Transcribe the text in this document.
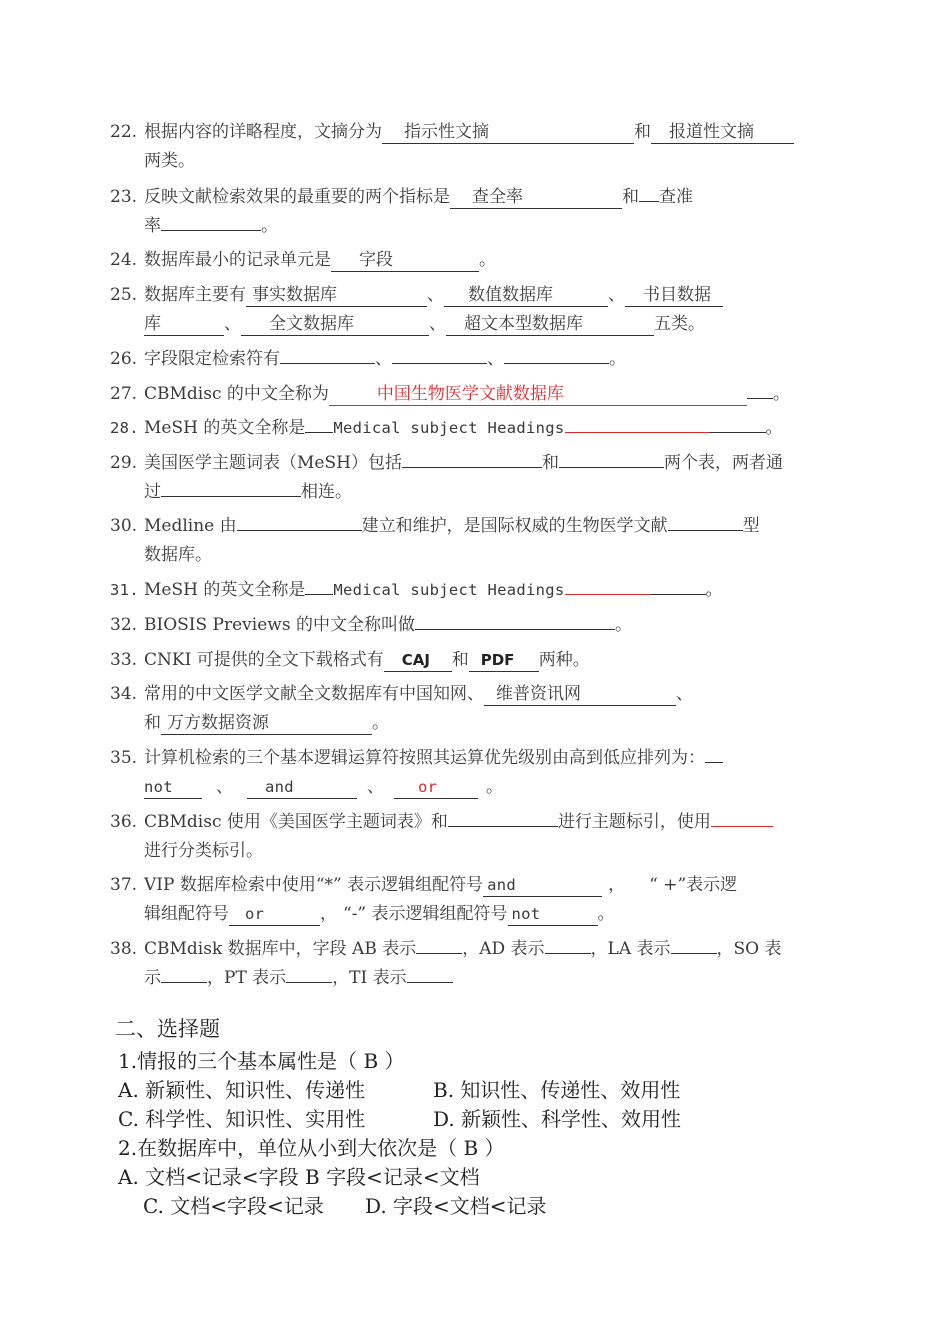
22. 根据内容的详略程度，文摘分为 指示性文摘	和 报道性文摘
两类。
23. 反映文献检索效果的最重要的两个指标是 查全率	和 查准
率	。
24. 数据库最小的记录单元是 字段	。
25. 数据库主要有 事实数据库	、 数值数据库	、 书目数据
库	、 全文数据库	、 超文本型数据库	五类。
26. 字段限定检索符有	、	、	。
27. CBMdisc 的中文全称为	中国生物医学文献数据库	。
28. MeSH 的英文全称是 Medical subject Headings	。
29. 美国医学主题词表（MeSH）包括	和	两个表，两者通
过	相连。
30. Medline 由	建立和维护，是国际权威的生物医学文献	型
数据库。
31. MeSH 的英文全称是 Medical subject Headings	。
32. BIOSIS Previews 的中文全称叫做	。
33. CNKI 可提供的全文下载格式有 CAJ 和 PDF 两种。
34. 常用的中文医学文献全文数据库有中国知网、 维普资讯网	、
和 万方数据资源	。
35. 计算机检索的三个基本逻辑运算符按照其运算优先级别由高到低应排列为：
not	、 and	、 or	。
36. CBMdisc 使用《美国医学主题词表》和	进行主题标引，使用
进行分类标引。
37. VIP 数据库检索中使用“*” 表示逻辑组配符号 and	， “ +”表示逻
辑组配符号 or	， “-” 表示逻辑组配符号 not	。
38. CBMdisk 数据库中，字段 AB 表示	，AD 表示	，LA 表示	，SO 表
示	，PT 表示	，TI 表示
二、选择题
1.情报的三个基本属性是（ B ）
A. 新颖性、知识性、传递性	B. 知识性、传递性、效用性
C. 科学性、知识性、实用性	D. 新颖性、科学性、效用性
2.在数据库中，单位从小到大依次是（ B ）
A. 文档<记录<字段 B 字段<记录<文档
C. 文档<字段<记录 D. 字段<文档<记录
